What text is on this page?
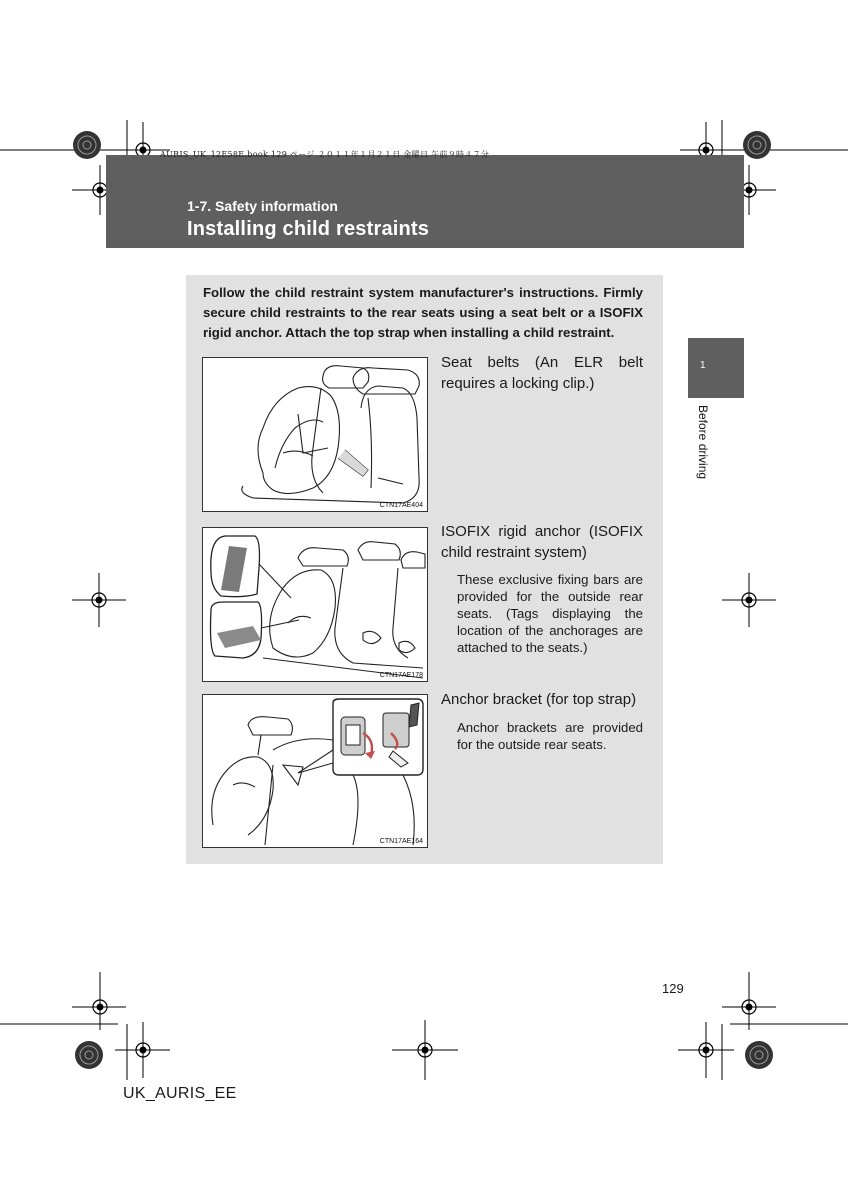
AURIS_UK_12E58E.book 129 ページ ２０１１年１月２１日 金曜日 午前９時４７分
1-7. Safety information
Installing child restraints
Follow the child restraint system manufacturer's instructions. Firmly secure child restraints to the rear seats using a seat belt or a ISOFIX rigid anchor. Attach the top strap when installing a child restraint.
CTN17AE404
Seat belts (An ELR belt requires a locking clip.)
ISOFIX
CTN17AE178
ISOFIX rigid anchor (ISOFIX child restraint system)
These exclusive fixing bars are provided for the outside rear seats. (Tags displaying the location of the anchorages are attached to the seats.)
CTN17AE164
Anchor bracket (for top strap)
Anchor brackets are provided for the outside rear seats.
1
Before driving
129
UK_AURIS_EE
